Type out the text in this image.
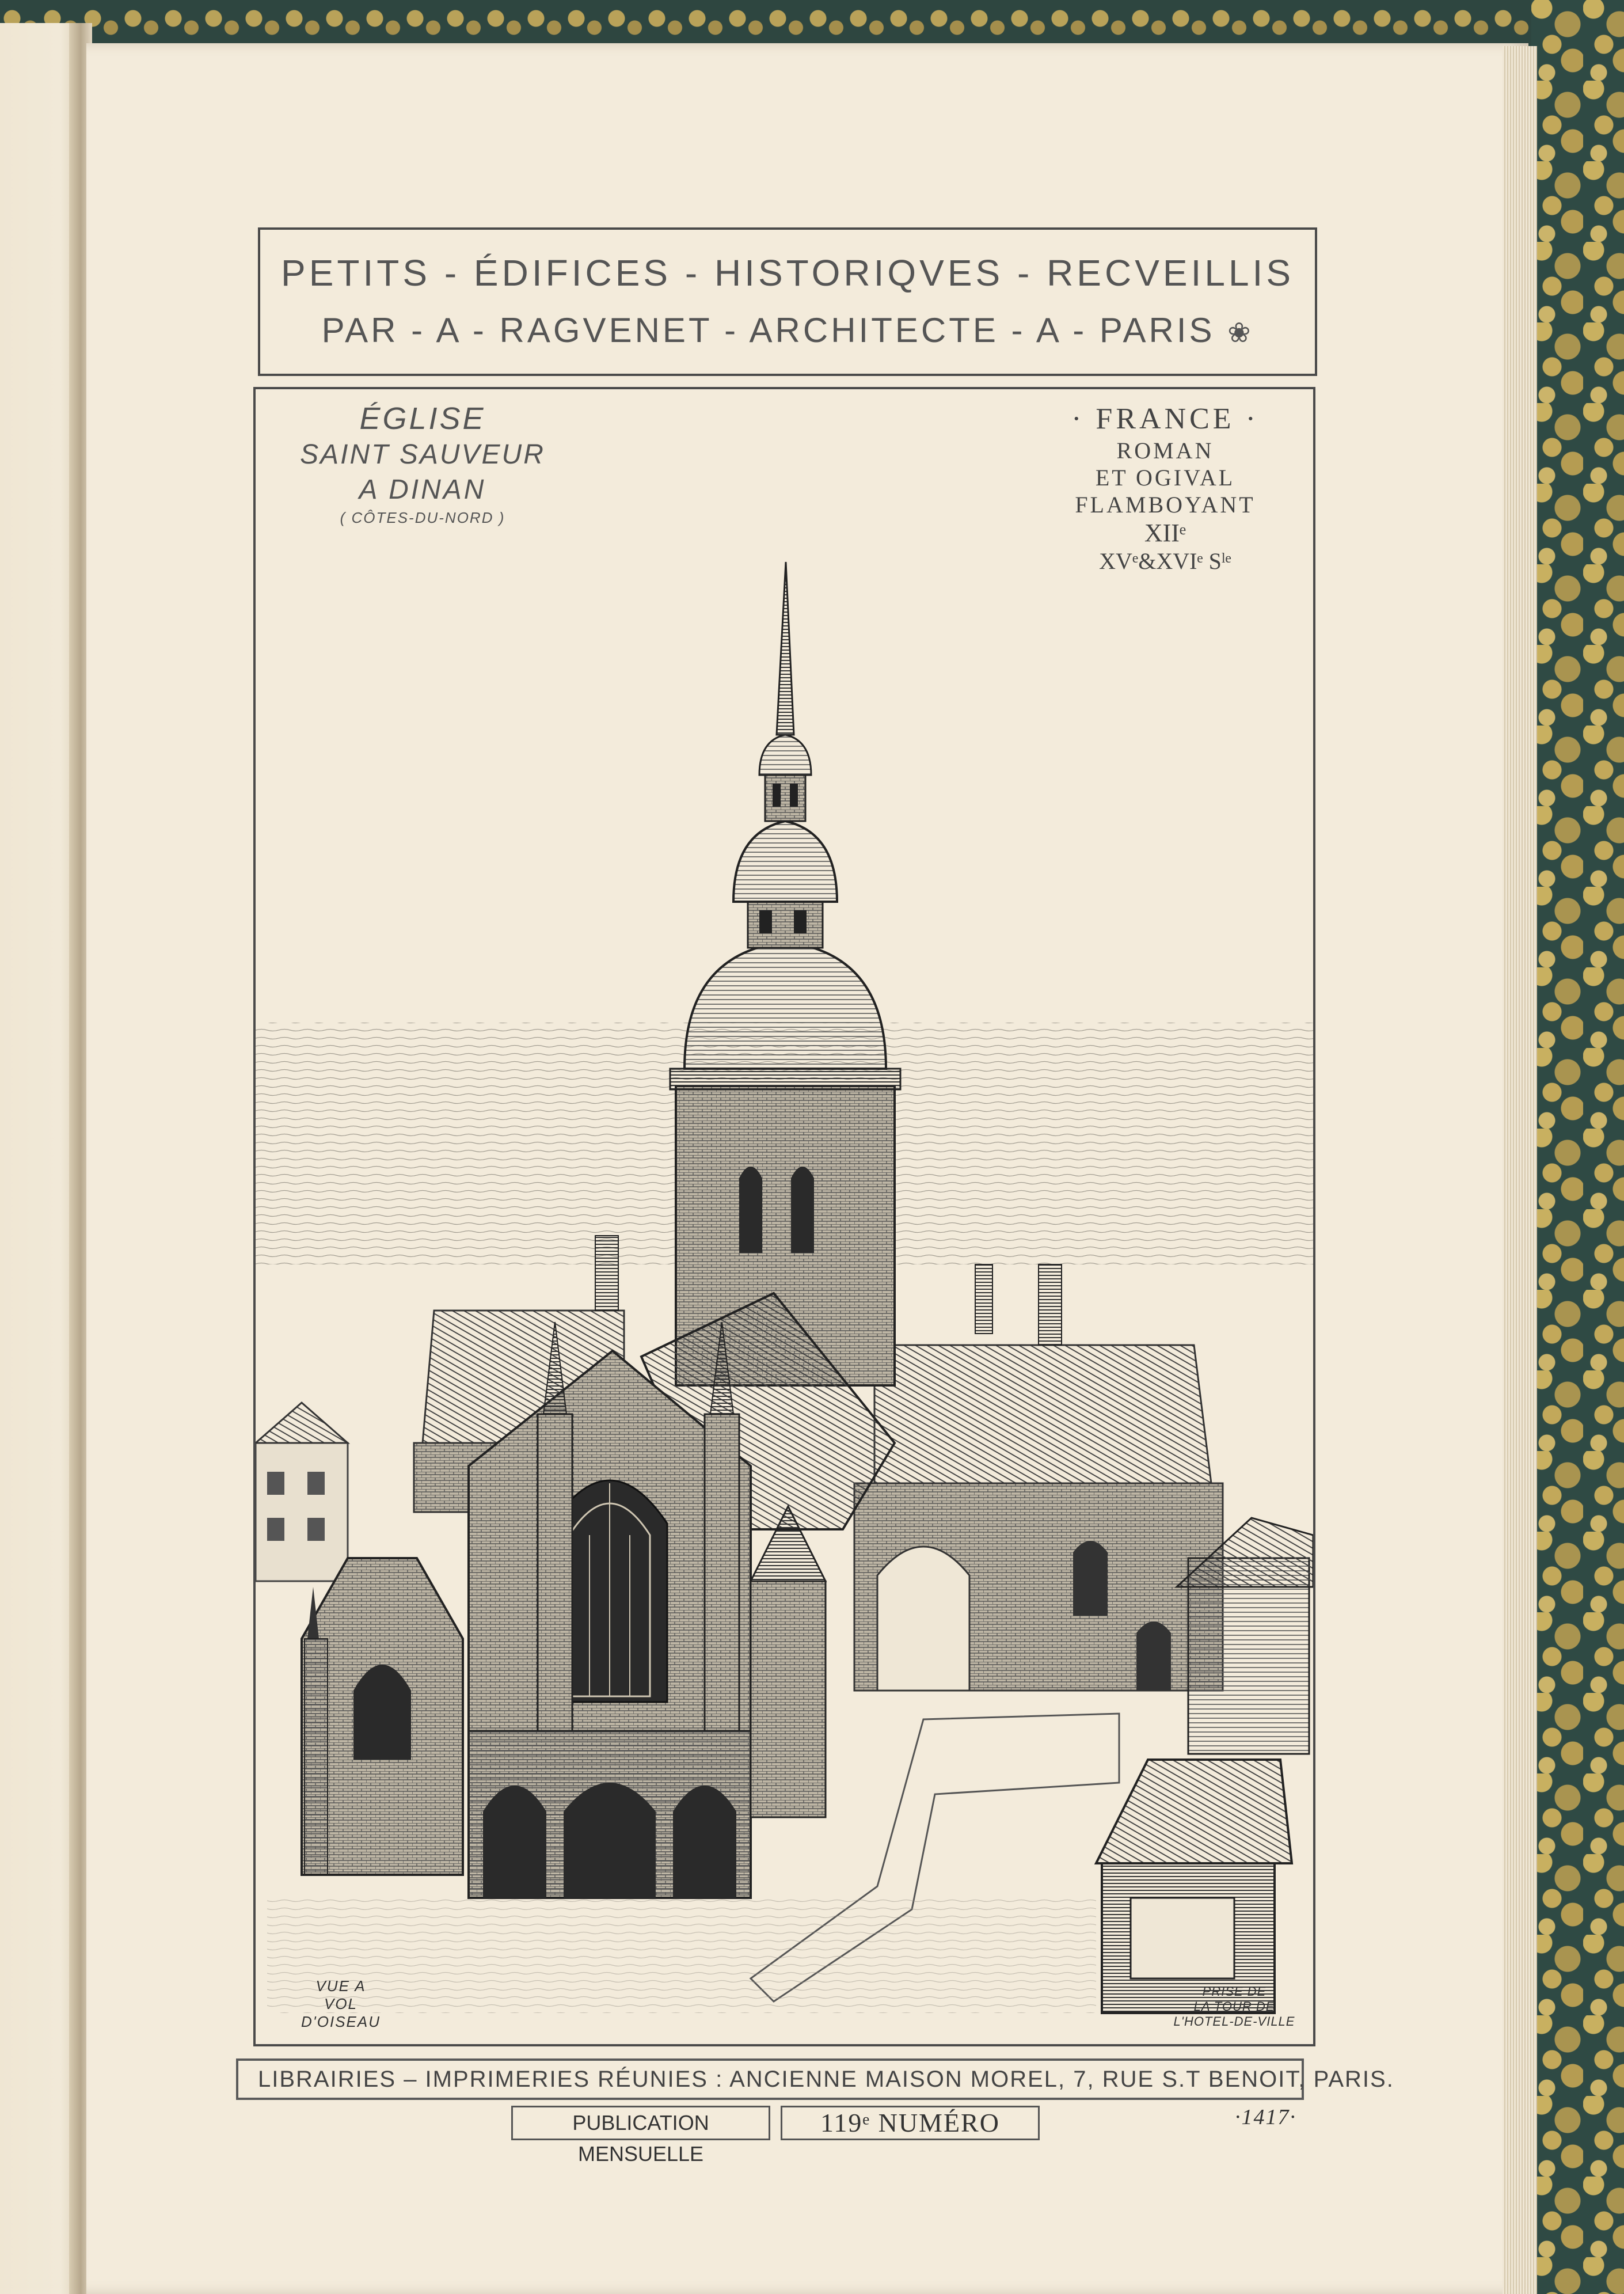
PETITS - ÉDIFICES - HISTORIQVES - RECVEILLIS
PAR - A - RAGVENET - ARCHITECTE - A - PARIS ❀
ÉGLISE
SAINT SAUVEUR
A DINAN
( CÔTES-DU-NORD )
· FRANCE ·
ROMAN
ET OGIVAL
FLAMBOYANT
XIIᵉ
XVᵉ&XVIᵉ Sˡᵉ
VUE A
VOL D'OISEAU
PRISE DE
LA TOUR DE
L'HOTEL-DE-VILLE
LIBRAIRIES – IMPRIMERIES RÉUNIES : ANCIENNE MAISON MOREL, 7, RUE S.T BENOIT, PARIS.
PUBLICATION MENSUELLE
119ᵉ NUMÉRO	·1417·
